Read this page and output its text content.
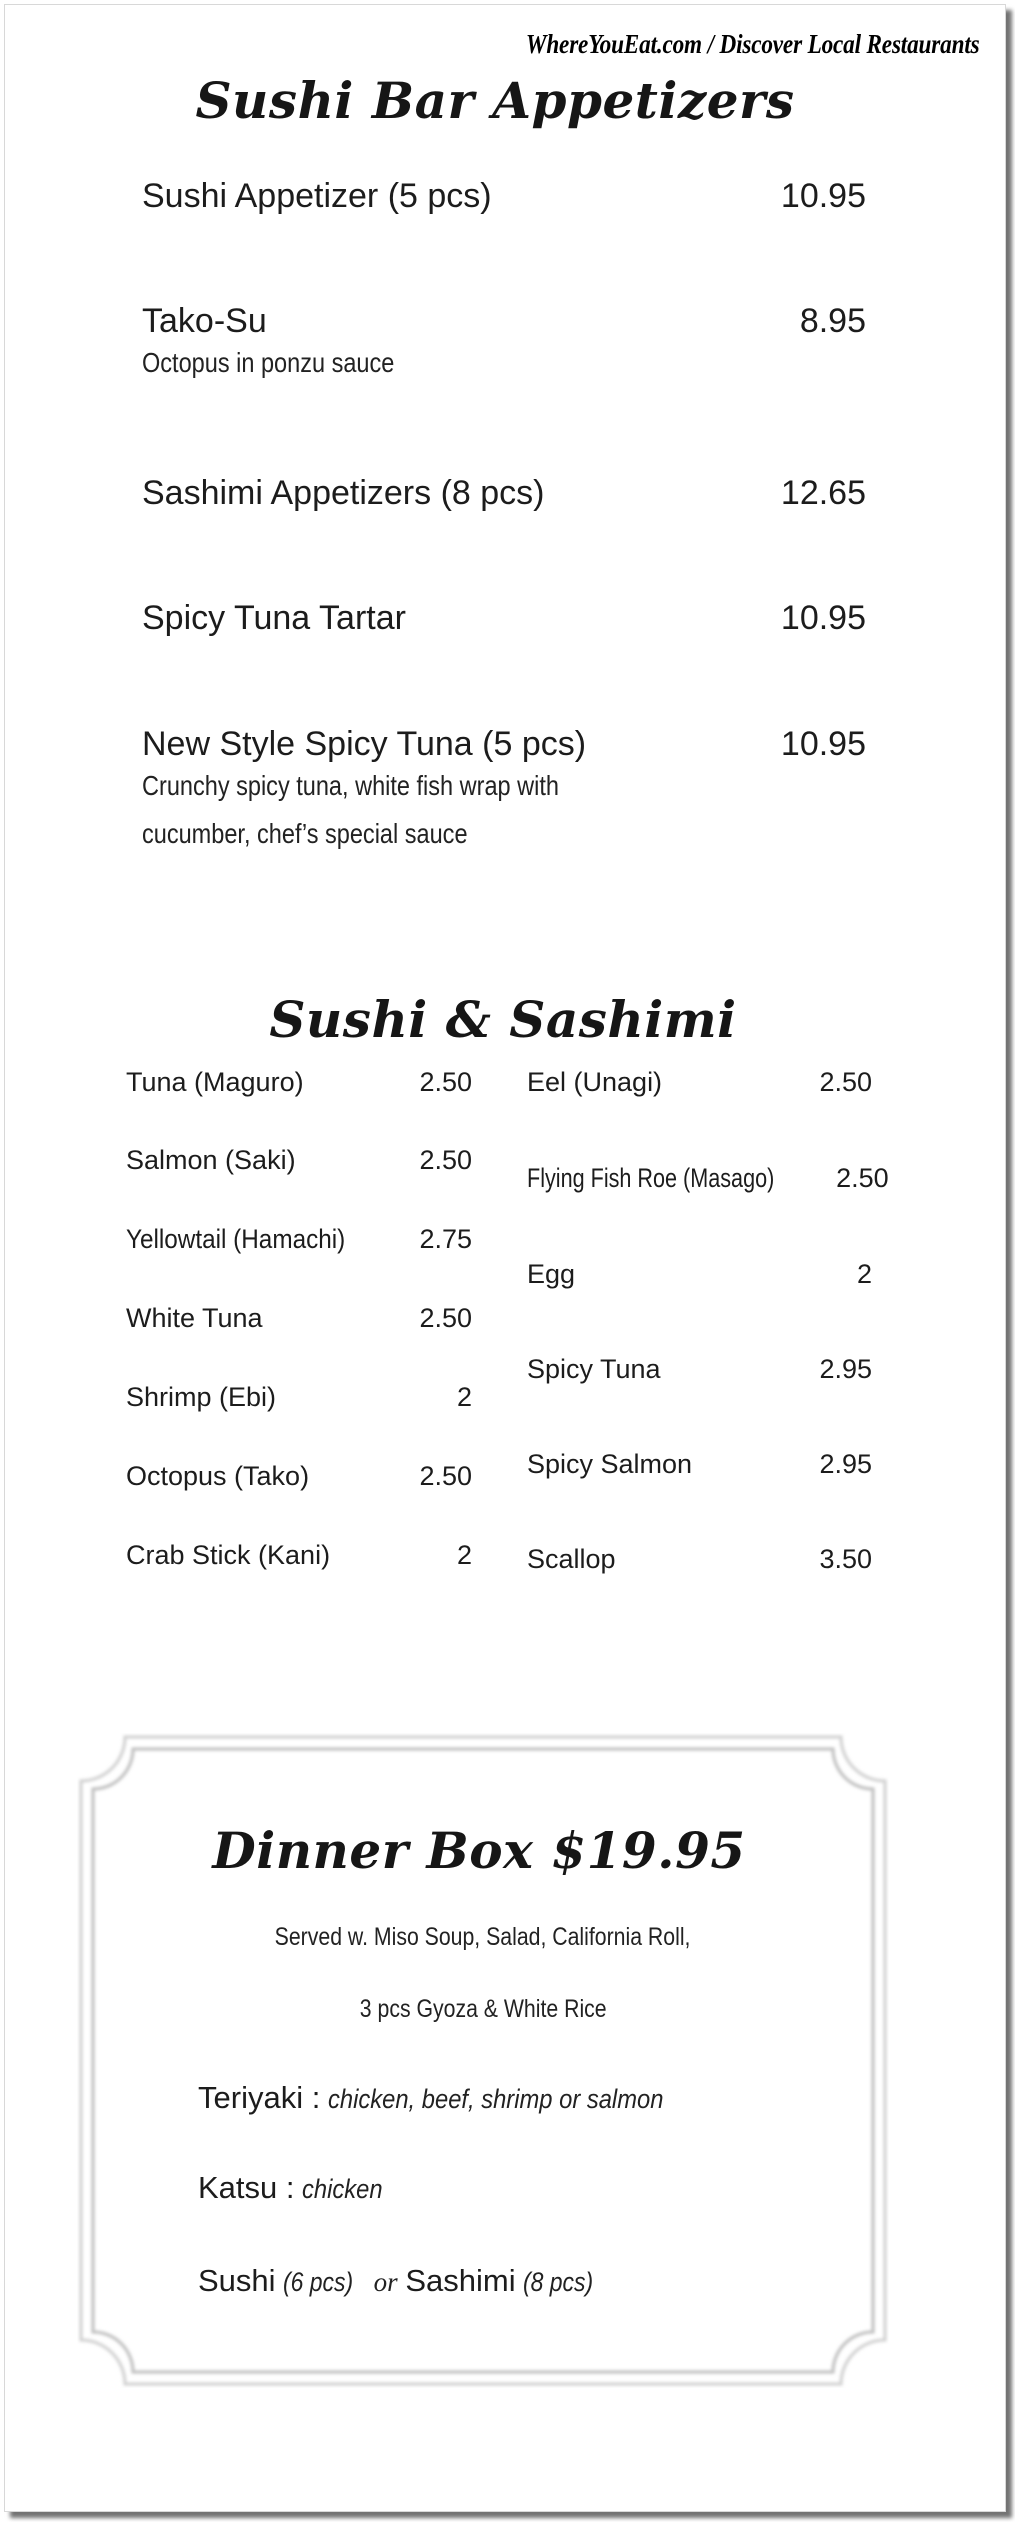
WhereYouEat.com / Discover Local Restaurants
Sushi Bar Appetizers
Sushi Appetizer (5 pcs)	10.95
Tako-Su	8.95
Octopus in ponzu sauce
Sashimi Appetizers (8 pcs)	12.65
Spicy Tuna Tartar	10.95
New Style Spicy Tuna (5 pcs)	10.95
Crunchy spicy tuna, white fish wrap with
cucumber, chef’s special sauce
Sushi & Sashimi
Tuna (Maguro)	2.50
Salmon (Saki)	2.50
Yellowtail (Hamachi)	2.75
White Tuna	2.50
Shrimp (Ebi)	2
Octopus (Tako)	2.50
Crab Stick (Kani)	2
Eel (Unagi)	2.50
Flying Fish Roe (Masago) 2.50
Egg	2
Spicy Tuna	2.95
Spicy Salmon	2.95
Scallop	3.50
Dinner Box $19.95
Served w. Miso Soup, Salad, California Roll,
3 pcs Gyoza & White Rice
Teriyaki : chicken, beef, shrimp or salmon
Katsu : chicken
Sushi (6 pcs) or Sashimi (8 pcs)
